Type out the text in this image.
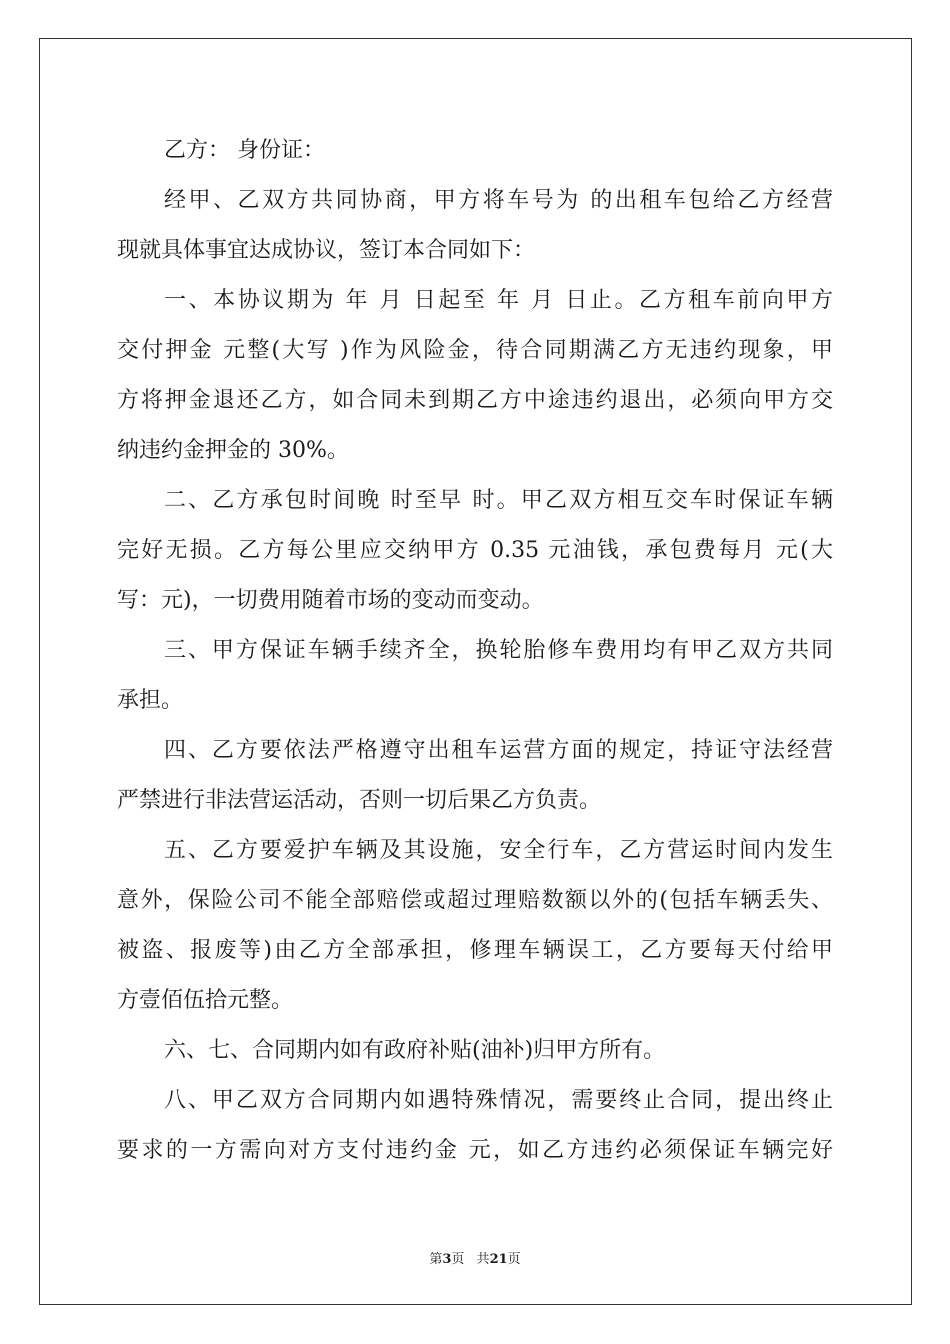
乙方： 身份证：
经甲、乙双方共同协商，甲方将车号为 的出租车包给乙方经营
现就具体事宜达成协议，签订本合同如下：
一、本协议期为 年 月 日起至 年 月 日止。乙方租车前向甲方
交付押金 元整(大写 )作为风险金，待合同期满乙方无违约现象，甲
方将押金退还乙方，如合同未到期乙方中途违约退出，必须向甲方交
纳违约金押金的 30%。
二、乙方承包时间晚 时至早 时。甲乙双方相互交车时保证车辆
完好无损。乙方每公里应交纳甲方 0.35 元油钱，承包费每月 元(大
写：元)，一切费用随着市场的变动而变动。
三、甲方保证车辆手续齐全，换轮胎修车费用均有甲乙双方共同
承担。
四、乙方要依法严格遵守出租车运营方面的规定，持证守法经营
严禁进行非法营运活动，否则一切后果乙方负责。
五、乙方要爱护车辆及其设施，安全行车，乙方营运时间内发生
意外，保险公司不能全部赔偿或超过理赔数额以外的(包括车辆丢失、
被盗、报废等)由乙方全部承担，修理车辆误工，乙方要每天付给甲
方壹佰伍拾元整。
六、七、合同期内如有政府补贴(油补)归甲方所有。
八、甲乙双方合同期内如遇特殊情况，需要终止合同，提出终止
要求的一方需向对方支付违约金 元，如乙方违约必须保证车辆完好
第3页 共21页
